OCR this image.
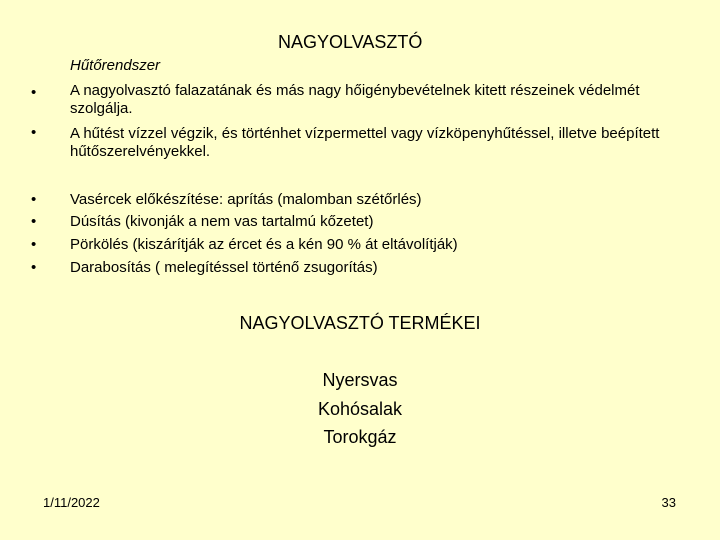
NAGYOLVASZTÓ
Hűtőrendszer
• A nagyolvasztó falazatának és más nagy hőigénybevételnek kitett részeinek védelmét szolgálja.
• A hűtést vízzel végzik, és történhet vízpermettel vagy vízköpenyhűtéssel, illetve beépített hűtőszerelvényekkel.
• Vasércek előkészítése: aprítás (malomban szétőrlés)
• Dúsítás (kivonják a nem vas tartalmú kőzetet)
• Pörkölés (kiszárítják az ércet és a kén 90 % át eltávolítják)
• Darabosítás ( melegítéssel történő zsugorítás)
NAGYOLVASZTÓ TERMÉKEI
Nyersvas
Kohósalak
Torokgáz
1/11/2022	33
